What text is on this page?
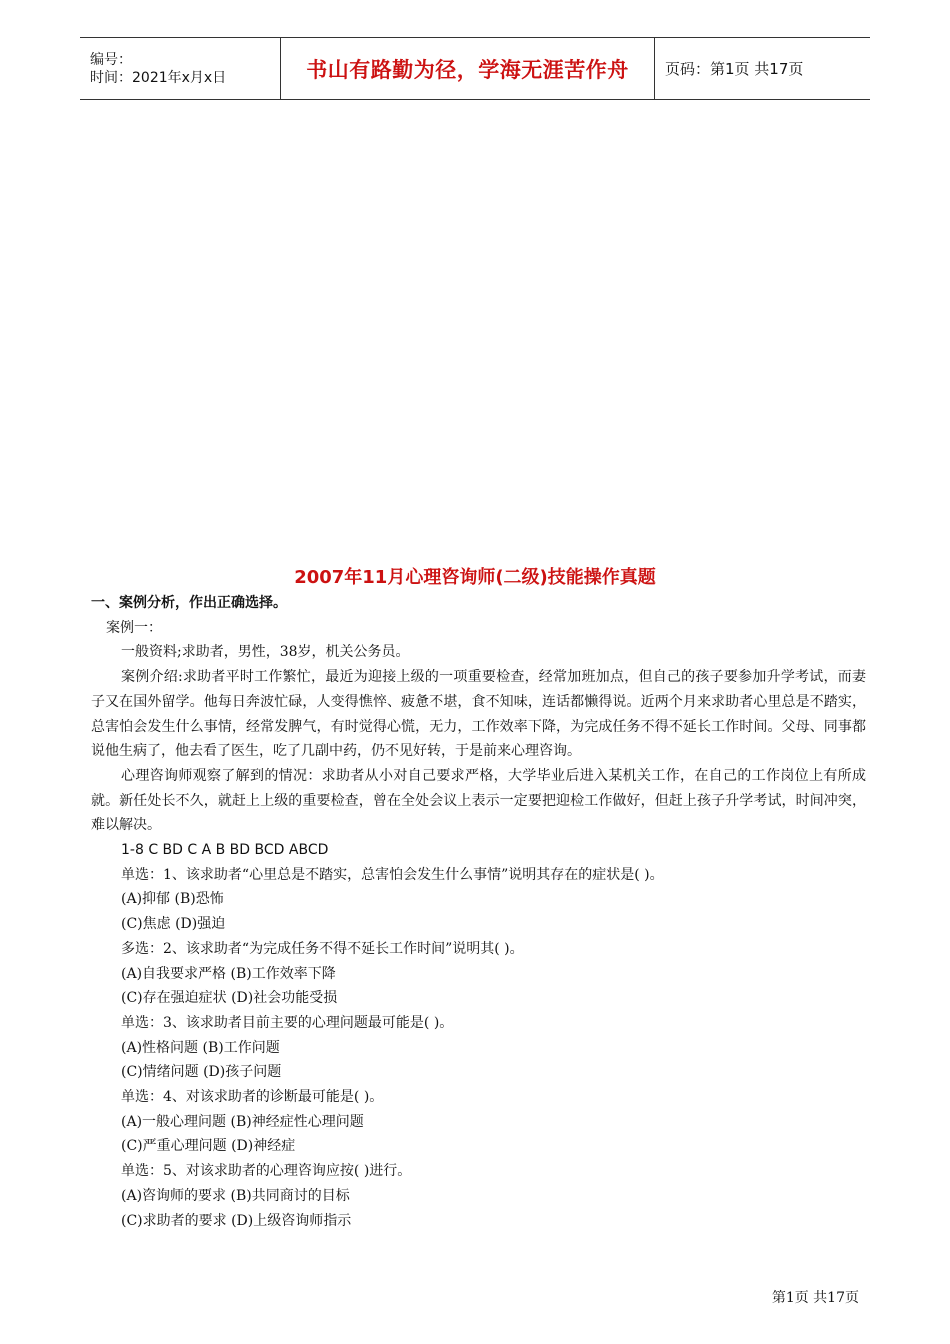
编号：
时间：2021年x月x日	书山有路勤为径，学海无涯苦作舟	页码：第1页 共17页
2007年11月心理咨询师(二级)技能操作真题

一、案例分析，作出正确选择。

案例一：

一般资料;求助者，男性，38岁，机关公务员。

案例介绍:求助者平时工作繁忙，最近为迎接上级的一项重要检查，经常加班加点，但自己的孩子要参加升学考试，而妻子又在国外留学。他每日奔波忙碌，人变得憔悴、疲惫不堪，食不知味，连话都懒得说。近两个月来求助者心里总是不踏实，总害怕会发生什么事情，经常发脾气，有时觉得心慌，无力，工作效率下降，为完成任务不得不延长工作时间。父母、同事都说他生病了，他去看了医生，吃了几副中药，仍不见好转，于是前来心理咨询。

心理咨询师观察了解到的情况：求助者从小对自己要求严格，大学毕业后进入某机关工作，在自己的工作岗位上有所成就。新任处长不久，就赶上上级的重要检查，曾在全处会议上表示一定要把迎检工作做好，但赶上孩子升学考试，时间冲突，难以解决。

1-8 C BD C A B BD BCD ABCD

单选：1、该求助者“心里总是不踏实，总害怕会发生什么事情”说明其存在的症状是( )。

(A)抑郁 (B)恐怖

(C)焦虑 (D)强迫

多选：2、该求助者“为完成任务不得不延长工作时间”说明其( )。

(A)自我要求严格 (B)工作效率下降

(C)存在强迫症状 (D)社会功能受损

单选：3、该求助者目前主要的心理问题最可能是( )。

(A)性格问题 (B)工作问题

(C)情绪问题 (D)孩子问题

单选：4、对该求助者的诊断最可能是( )。

(A)一般心理问题 (B)神经症性心理问题

(C)严重心理问题 (D)神经症

单选：5、对该求助者的心理咨询应按( )进行。

(A)咨询师的要求 (B)共同商讨的目标

(C)求助者的要求 (D)上级咨询师指示

第1页 共17页
